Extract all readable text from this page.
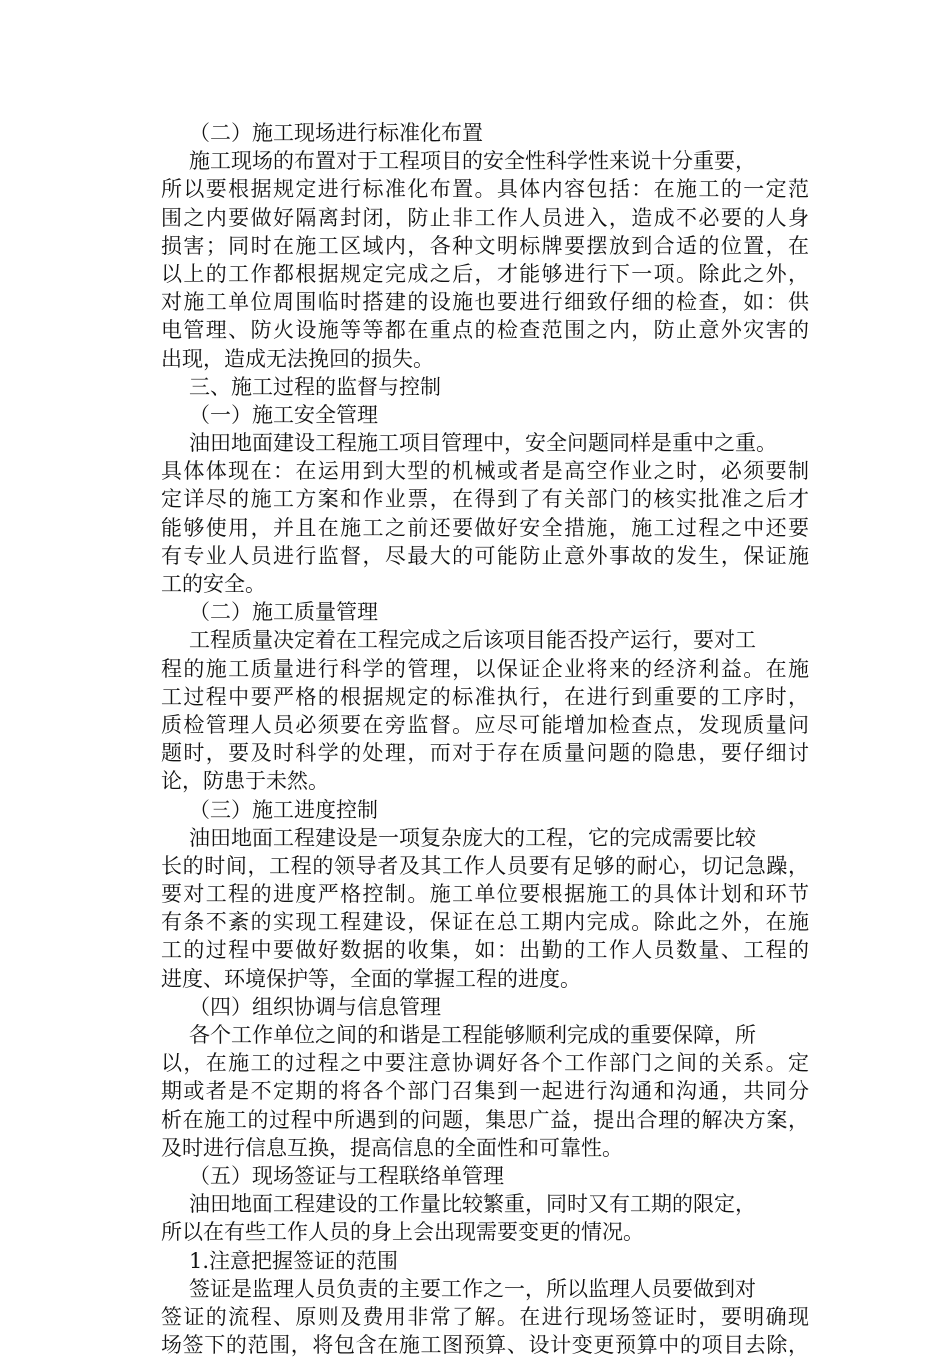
（二）施工现场进行标准化布置
施工现场的布置对于工程项目的安全性科学性来说十分重要，
所以要根据规定进行标准化布置。具体内容包括：在施工的一定范
围之内要做好隔离封闭，防止非工作人员进入，造成不必要的人身
损害；同时在施工区域内，各种文明标牌要摆放到合适的位置，在
以上的工作都根据规定完成之后，才能够进行下一项。除此之外，
对施工单位周围临时搭建的设施也要进行细致仔细的检查，如：供
电管理、防火设施等等都在重点的检查范围之内，防止意外灾害的
出现，造成无法挽回的损失。
三、施工过程的监督与控制
（一）施工安全管理
油田地面建设工程施工项目管理中，安全问题同样是重中之重。
具体体现在：在运用到大型的机械或者是高空作业之时，必须要制
定详尽的施工方案和作业票，在得到了有关部门的核实批准之后才
能够使用，并且在施工之前还要做好安全措施，施工过程之中还要
有专业人员进行监督，尽最大的可能防止意外事故的发生，保证施
工的安全。
（二）施工质量管理
工程质量决定着在工程完成之后该项目能否投产运行，要对工
程的施工质量进行科学的管理，以保证企业将来的经济利益。在施
工过程中要严格的根据规定的标准执行，在进行到重要的工序时，
质检管理人员必须要在旁监督。应尽可能增加检查点，发现质量问
题时，要及时科学的处理，而对于存在质量问题的隐患，要仔细讨
论，防患于未然。
（三）施工进度控制
油田地面工程建设是一项复杂庞大的工程，它的完成需要比较
长的时间，工程的领导者及其工作人员要有足够的耐心，切记急躁，
要对工程的进度严格控制。施工单位要根据施工的具体计划和环节
有条不紊的实现工程建设，保证在总工期内完成。除此之外，在施
工的过程中要做好数据的收集，如：出勤的工作人员数量、工程的
进度、环境保护等，全面的掌握工程的进度。
（四）组织协调与信息管理
各个工作单位之间的和谐是工程能够顺利完成的重要保障，所
以，在施工的过程之中要注意协调好各个工作部门之间的关系。定
期或者是不定期的将各个部门召集到一起进行沟通和沟通，共同分
析在施工的过程中所遇到的问题，集思广益，提出合理的解决方案，
及时进行信息互换，提高信息的全面性和可靠性。
（五）现场签证与工程联络单管理
油田地面工程建设的工作量比较繁重，同时又有工期的限定，
所以在有些工作人员的身上会出现需要变更的情况。
1.注意把握签证的范围
签证是监理人员负责的主要工作之一，所以监理人员要做到对
签证的流程、原则及费用非常了解。在进行现场签证时，要明确现
场签下的范围，将包含在施工图预算、设计变更预算中的项目去除，
